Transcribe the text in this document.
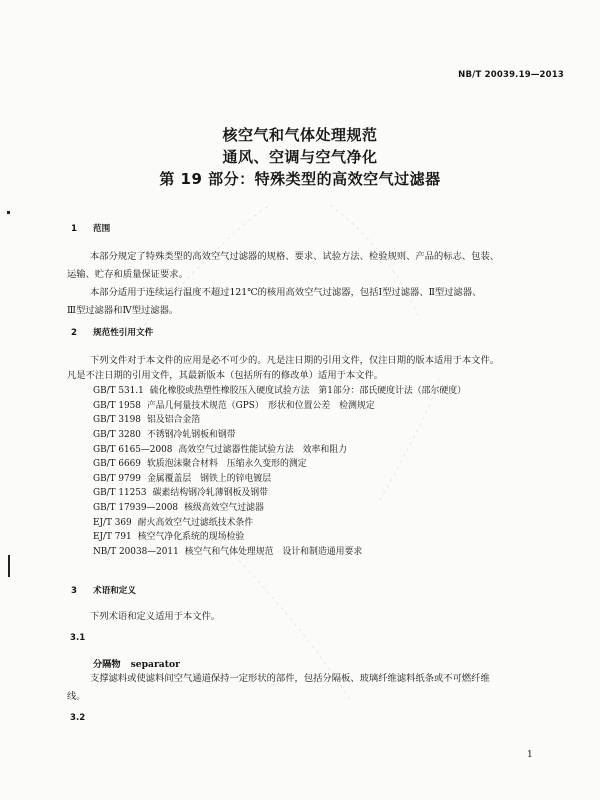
NB/T 20039.19—2013
核空气和气体处理规范
通风、空调与空气净化
第 19 部分：特殊类型的高效空气过滤器
1 范围
本部分规定了特殊类型的高效空气过滤器的规格、要求、试验方法、检验规则、产品的标志、包装、
运输、贮存和质量保证要求。
本部分适用于连续运行温度不超过121℃的核用高效空气过滤器，包括Ⅰ型过滤器、Ⅱ型过滤器、
Ⅲ型过滤器和Ⅳ型过滤器。
2 规范性引用文件
下列文件对于本文件的应用是必不可少的。凡是注日期的引用文件，仅注日期的版本适用于本文件。
凡是不注日期的引用文件，其最新版本（包括所有的修改单）适用于本文件。
GB/T 531.1 硫化橡胶或热塑性橡胶压入硬度试验方法　第1部分：邵氏硬度计法（邵尔硬度）
GB/T 1958 产品几何量技术规范（GPS）　形状和位置公差　检测规定
GB/T 3198 铝及铝合金箔
GB/T 3280 不锈钢冷轧钢板和钢带
GB/T 6165—2008 高效空气过滤器性能试验方法　效率和阻力
GB/T 6669 软质泡沫聚合材料　压缩永久变形的测定
GB/T 9799 金属覆盖层　钢铁上的锌电镀层
GB/T 11253 碳素结构钢冷轧薄钢板及钢带
GB/T 17939—2008 核级高效空气过滤器
EJ/T 369 耐火高效空气过滤纸技术条件
EJ/T 791 核空气净化系统的现场检验
NB/T 20038—2011 核空气和气体处理规范　设计和制造通用要求
3 术语和定义
下列术语和定义适用于本文件。
3.1
分隔物 separator
支撑滤料或使滤料间空气通道保持一定形状的部件，包括分隔板、玻璃纤维滤料纸条或不可燃纤维
线。
3.2
1
